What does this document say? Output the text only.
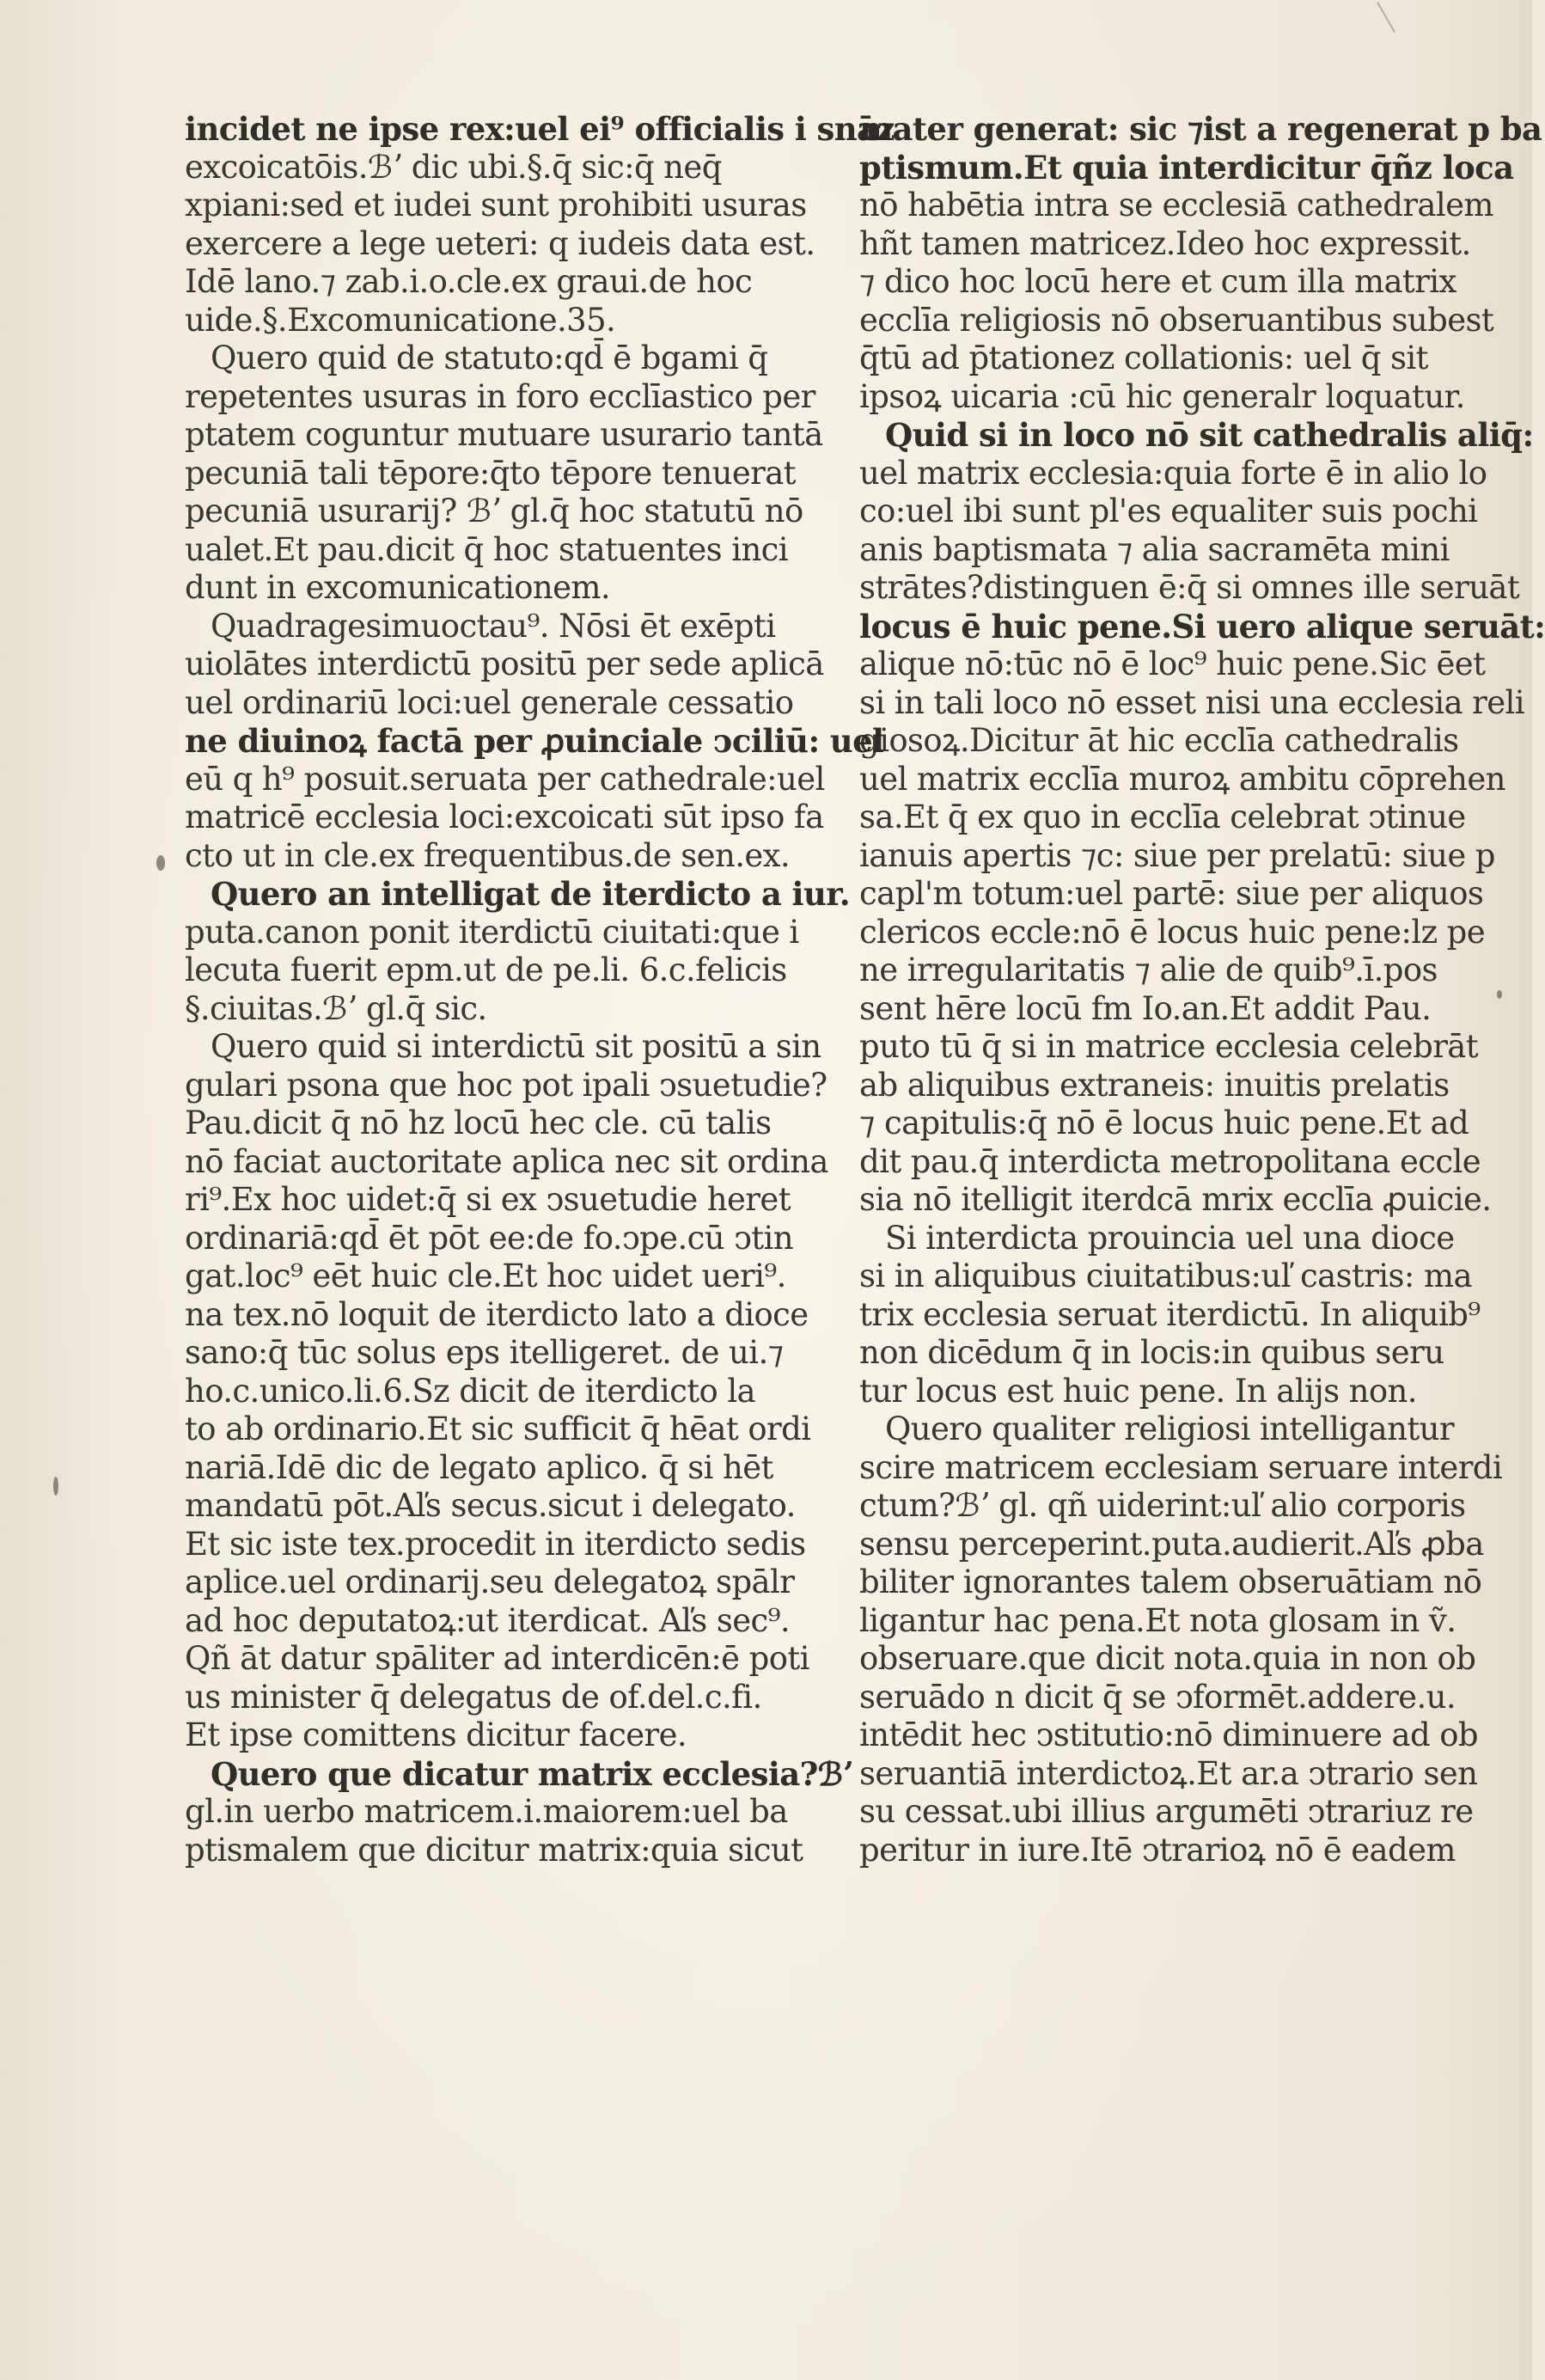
incidet ne ipse rex:uel ei⁹ officialis i snāz
excoicatōis.ℬʼ dic ubi.§.q̄ sic:q̄ neq̄
xpiani:sed et iudei sunt prohibiti usuras
exercere a lege ueteri: q iudeis data est.
Idē lano.⁊ zab.i.o.cle.ex graui.de hoc
uide.§.Excomunicatione.35.
Quero quid de statuto:qd̄ ē bgami q̄
repetentes usuras in foro ecclīastico per
ptatem coguntur mutuare usurario tantā
pecuniā tali tēpore:q̄to tēpore tenuerat
pecuniā usurarij? ℬʼ gl.q̄ hoc statutū nō
ualet.Et pau.dicit q̄ hoc statuentes inci
dunt in excomunicationem.
Quadragesimuoctau⁹. Nōsi ēt exēpti
uiolātes interdictū positū per sede aplicā
uel ordinariū loci:uel generale cessatio
ne diuinoꝝ factā per ꝓuinciale ↄciliū: uel
eū q h⁹ posuit.seruata per cathedrale:uel
matricē ecclesia loci:excoicati sūt ipso fa
cto ut in cle.ex frequentibus.de sen.ex.
Quero an intelligat de iterdicto a iur.
puta.canon ponit iterdictū ciuitati:que i
lecuta fuerit epm.ut de pe.li. 6.c.felicis
§.ciuitas.ℬʼ gl.q̄ sic.
Quero quid si interdictū sit positū a sin
gulari psona que hoc pot ipali ↄsuetudie?
Pau.dicit q̄ nō hz locū hec cle. cū talis
nō faciat auctoritate aplica nec sit ordina
ri⁹.Ex hoc uidet:q̄ si ex ↄsuetudie heret
ordinariā:qd̄ ēt pōt ee:de fo.ↄpe.cū ↄtin
gat.loc⁹ eēt huic cle.Et hoc uidet ueri⁹.
na tex.nō loquit de iterdicto lato a dioce
sano:q̄ tūc solus eps itelligeret. de ui.⁊
ho.c.unico.li.6.Sz dicit de iterdicto la
to ab ordinario.Et sic sufficit q̄ hēat ordi
nariā.Idē dic de legato aplico. q̄ si hēt
mandatū pōt.Aľs secus.sicut i delegato.
Et sic iste tex.procedit in iterdicto sedis
aplice.uel ordinarij.seu delegatoꝝ spālr
ad hoc deputatoꝝ:ut iterdicat. Aľs sec⁹.
Qñ āt datur spāliter ad interdicēn:ē poti
us minister q̄ delegatus de of.del.c.fi.
Et ipse comittens dicitur facere.
Quero que dicatur matrix ecclesia?ℬʼ
gl.in uerbo matricem.i.maiorem:uel ba
ptismalem que dicitur matrix:quia sicut
mater generat: sic ⁊ist a regenerat p ba
ptismum.Et quia interdicitur q̄ñz loca
nō habētia intra se ecclesiā cathedralem
hñt tamen matricez.Ideo hoc expressit.
⁊ dico hoc locū here et cum illa matrix
ecclīa religiosis nō obseruantibus subest
q̄tū ad p̄tationez collationis: uel q̄ sit
ipsoꝝ uicaria :cū hic generalr loquatur.
Quid si in loco nō sit cathedralis aliq̄:
uel matrix ecclesia:quia forte ē in alio lo
co:uel ibi sunt pl'es equaliter suis pochi
anis baptismata ⁊ alia sacramēta mini
strātes?distinguen ē:q̄ si omnes ille seruāt
locus ē huic pene.Si uero alique seruāt:
alique nō:tūc nō ē loc⁹ huic pene.Sic ēet
si in tali loco nō esset nisi una ecclesia reli
giosoꝝ.Dicitur āt hic ecclīa cathedralis
uel matrix ecclīa muroꝝ ambitu cōprehen
sa.Et q̄ ex quo in ecclīa celebrat ↄtinue
ianuis apertis ⁊c: siue per prelatū: siue p
capl'm totum:uel partē: siue per aliquos
clericos eccle:nō ē locus huic pene:lz pe
ne irregularitatis ⁊ alie de quib⁹.ī.pos
sent hēre locū fm Io.an.Et addit Pau.
puto tū q̄ si in matrice ecclesia celebrāt
ab aliquibus extraneis: inuitis prelatis
⁊ capitulis:q̄ nō ē locus huic pene.Et ad
dit pau.q̄ interdicta metropolitana eccle
sia nō itelligit iterdcā mrix ecclīa ꝓuicie.
Si interdicta prouincia uel una dioce
si in aliquibus ciuitatibus:uľ castris: ma
trix ecclesia seruat iterdictū. In aliquib⁹
non dicēdum q̄ in locis:in quibus seru
tur locus est huic pene. In alijs non.
Quero qualiter religiosi intelligantur
scire matricem ecclesiam seruare interdi
ctum?ℬʼ gl. qñ uiderint:uľ alio corporis
sensu perceperint.puta.audierit.Aľs ꝓba
biliter ignorantes talem obseruātiam nō
ligantur hac pena.Et nota glosam in ṽ.
obseruare.que dicit nota.quia in non ob
seruādo n dicit q̄ se ↄformēt.addere.u.
intēdit hec ↄstitutio:nō diminuere ad ob
seruantiā interdictoꝝ.Et ar.a ↄtrario sen
su cessat.ubi illius argumēti ↄtrariuz re
peritur in iure.Itē ↄtrarioꝝ nō ē eadem
